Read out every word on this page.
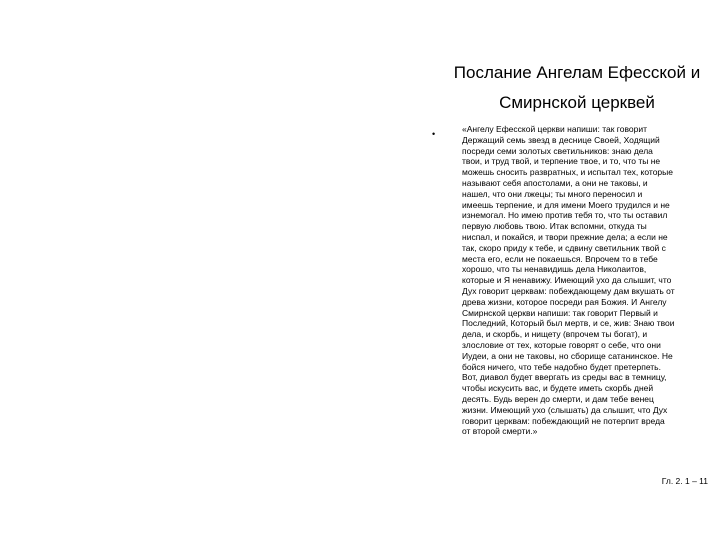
Послание Ангелам Ефесской и
Смирнской церквей
•	«Ангелу Ефесской церкви напиши: так говорит
Держащий семь звезд в деснице Своей, Ходящий
посреди семи золотых светильников: знаю дела
твои, и труд твой, и терпение твое, и то, что ты не
можешь сносить развратных, и испытал тех, которые
называют себя апостолами, а они не таковы, и
нашел, что они лжецы; ты много переносил и
имеешь терпение, и для имени Моего трудился и не
изнемогал. Но имею против тебя то, что ты оставил
первую любовь твою. Итак вспомни, откуда ты
ниспал, и покайся, и твори прежние дела; а если не
так, скоро приду к тебе, и сдвину светильник твой с
места его, если не покаешься. Впрочем то в тебе
хорошо, что ты ненавидишь дела Николаитов,
которые и Я ненавижу. Имеющий ухо да слышит, что
Дух говорит церквам: побеждающему дам вкушать от
древа жизни, которое посреди рая Божия. И Ангелу
Смирнской церкви напиши: так говорит Первый и
Последний, Который был мертв, и се, жив: Знаю твои
дела, и скорбь, и нищету (впрочем ты богат), и
злословие от тех, которые говорят о себе, что они
Иудеи, а они не таковы, но сборище сатанинское. Не
бойся ничего, что тебе надобно будет претерпеть.
Вот, диавол будет ввергать из среды вас в темницу,
чтобы искусить вас, и будете иметь скорбь дней
десять. Будь верен до смерти, и дам тебе венец
жизни. Имеющий ухо (слышать) да слышит, что Дух
говорит церквам: побеждающий не потерпит вреда
от второй смерти.»
Гл. 2. 1 – 11
